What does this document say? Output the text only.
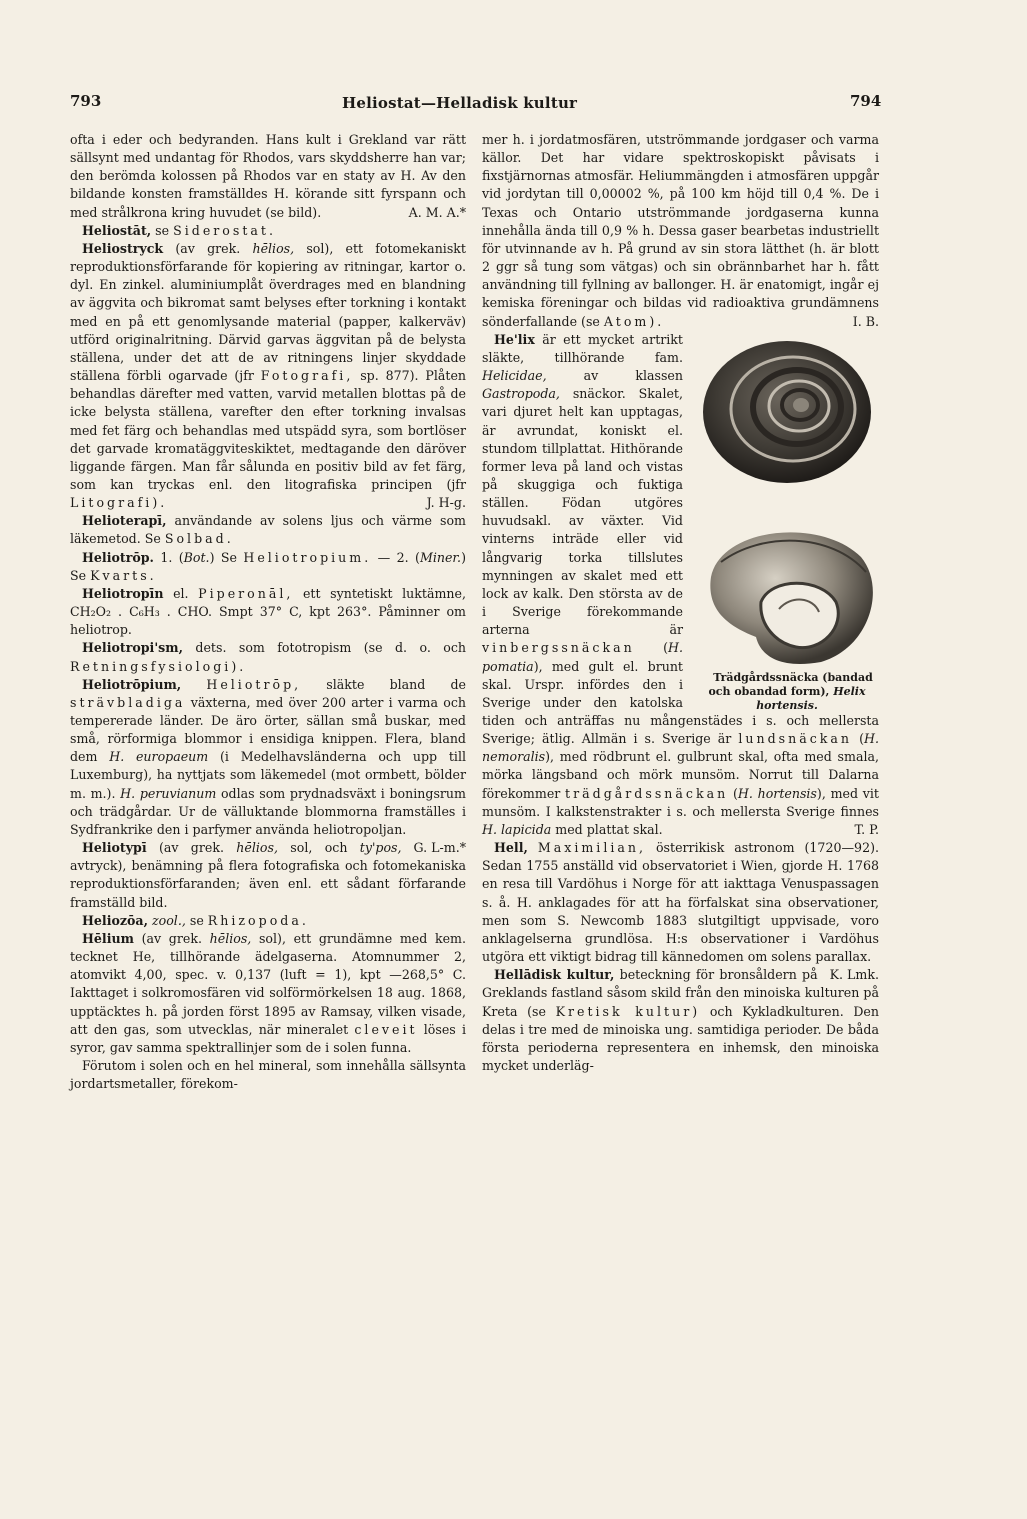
793	Heliostat—Helladisk kultur	794

ofta i eder och bedyranden. Hans kult i Grekland var rätt sällsynt med undantag för Rhodos, vars skyddsherre han var; den berömda kolossen på Rhodos var en staty av H. Av den bildande konsten framställdes H. körande sitt fyrspann och med strålkrona kring huvudet (se bild).	A. M. A.*

Heliostāt, se Siderostat.

Heliostryck (av grek. hēlios, sol), ett fotomekaniskt reproduktionsförfarande för kopiering av ritningar, kartor o. dyl. En zinkel. aluminiumplåt överdrages med en blandning av äggvita och bikromat samt belyses efter torkning i kontakt med en på ett genomlysande material (papper, kalkerväv) utförd originalritning. Därvid garvas äggvitan på de belysta ställena, under det att de av ritningens linjer skyddade ställena förbli ogarvade (jfr Fotografi, sp. 877). Plåten behandlas därefter med vatten, varvid metallen blottas på de icke belysta ställena, varefter den efter torkning invalsas med fet färg och behandlas med utspädd syra, som bortlöser det garvade kromatäggviteskiktet, medtagande den däröver liggande färgen. Man får sålunda en positiv bild av fet färg, som kan tryckas enl. den litografiska principen (jfr Litografi).	J. H-g.

Helioterapī, användande av solens ljus och värme som läkemetod. Se Solbad.

Heliotrōp. 1. (Bot.) Se Heliotropium. — 2. (Miner.) Se Kvarts.

Heliotropīn el. Piperonāl, ett syntetiskt luktämne, CH₂O₂ . C₆H₃ . CHO. Smpt 37° C, kpt 263°. Påminner om heliotrop.

Heliotropi'sm, dets. som fototropism (se d. o. och Retningsfysiologi).

Heliotrōpium, Heliotrōp, släkte bland de strävbladiga växterna, med över 200 arter i varma och tempererade länder. De äro örter, sällan små buskar, med små, rörformiga blommor i ensidiga knippen. Flera, bland dem H. europaeum (i Medelhavsländerna och upp till Luxemburg), ha nyttjats som läkemedel (mot ormbett, bölder m. m.). H. peruvianum odlas som prydnadsväxt i boningsrum och trädgårdar. Ur de välluktande blommorna framställes i Sydfrankrike den i parfymer använda heliotropoljan.
G. L-m.*

Heliotypī (av grek. hēlios, sol, och ty'pos, avtryck), benämning på flera fotografiska och fotomekaniska reproduktionsförfaranden; även enl. ett sådant förfarande framställd bild.

Heliozōa, zool., se Rhizopoda.

Hēlium (av grek. hēlios, sol), ett grundämne med kem. tecknet He, tillhörande ädelgaserna. Atomnummer 2, atomvikt 4,00, spec. v. 0,137 (luft = 1), kpt —268,5° C. Iakttaget i solkromosfären vid solförmörkelsen 18 aug. 1868, upptäcktes h. på jorden först 1895 av Ramsay, vilken visade, att den gas, som utvecklas, när mineralet cleveit löses i syror, gav samma spektrallinjer som de i solen funna.

Förutom i solen och en hel mineral, som innehålla sällsynta jordartsmetaller, förekom-

mer h. i jordatmosfären, utströmmande jordgaser och varma källor. Det har vidare spektroskopiskt påvisats i fixstjärnornas atmosfär. Heliummängden i atmosfären uppgår vid jordytan till 0,00002 %, på 100 km höjd till 0,4 %. De i Texas och Ontario utströmmande jordgaserna kunna innehålla ända till 0,9 % h. Dessa gaser bearbetas industriellt för utvinnande av h. På grund av sin stora lätthet (h. är blott 2 ggr så tung som vätgas) och sin obrännbarhet har h. fått användning till fyllning av ballonger. H. är enatomigt, ingår ej kemiska föreningar och bildas vid radioaktiva grundämnens sönderfallande (se Atom).	I. B.

Trädgårdssnäcka (bandad och obandad form), Helix hortensis.
He'lix är ett mycket artrikt släkte, tillhörande fam. Helicidae,	av klassen Gastropoda, snäckor. Skalet, vari djuret helt kan upptagas, är avrundat, koniskt el. stundom tillplattat. Hithörande former leva på land och vistas på skuggiga och fuktiga ställen. Födan utgöres huvudsakl. av växter. Vid vinterns inträde eller vid långvarig torka tillslutes mynningen av skalet med ett lock av kalk. Den största av de i Sverige förekommande arterna är vinbergssnäckan (H. pomatia), med gult el. brunt skal. Urspr. infördes den i Sverige under den katolska tiden och anträffas nu mångenstädes i s. och mellersta Sverige; ätlig. Allmän i s. Sverige är lundsnäckan (H. nemoralis), med rödbrunt el. gulbrunt skal, ofta med smala, mörka längsband och mörk munsöm. Norrut till Dalarna förekommer trädgårdssnäckan (H. hortensis), med vit munsöm. I kalkstenstrakter i s. och mellersta Sverige finnes H. lapicida med plattat skal.	T. P.

Hell, Maximilian, österrikisk astronom (1720—92). Sedan 1755 anställd vid observatoriet i Wien, gjorde H. 1768 en resa till Vardöhus i Norge för att iakttaga Venuspassagen s. å. H. anklagades för att ha förfalskat sina observationer, men som S. Newcomb 1883 slutgiltigt uppvisade, voro anklagelserna grundlösa. H:s observationer i Vardöhus utgöra ett viktigt bidrag till kännedomen om solens parallax.
K. Lmk.

Hellādisk kultur, beteckning för bronsåldern på Greklands fastland såsom skild från den minoiska kulturen på Kreta (se Kretisk kultur) och Kykladkulturen. Den delas i tre med de minoiska ung. samtidiga perioder. De båda första perioderna representera en inhemsk, den minoiska mycket underläg-
